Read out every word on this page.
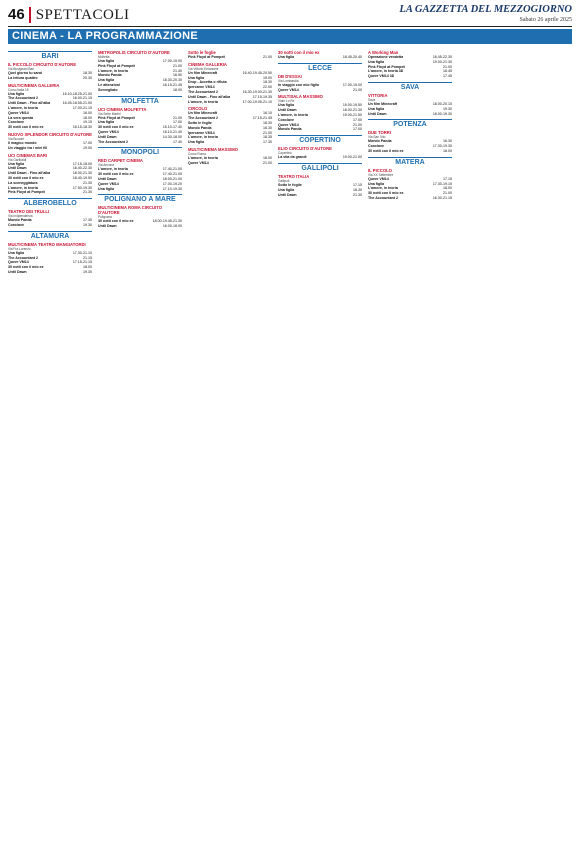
46 SPETTACOLI	LA GAZZETTA DEL MEZZOGIORNO
Sabato 26 aprile 2025
CINEMA - LA PROGRAMMAZIONE
BARI
IL PICCOLO CIRCUITO D'AUTORE
Via Busignani Bari
Quel giorno tu sarai	18.30
La lettura quattro	20.30
MULTICINEMA GALLERIA
Corso Italia 15
Una figlia	16.10-18.25-21.00
The Accountant 2	16.00-21.15
Until Dawn - Fino all'alba	16.45-18.55-21.00
L'amore, in teoria	17.00-21.15
Queer VM14	16.00
La vera questa	18.00
Conclave	19.15
30 notti con il mio ex	16.15-18.30
NUOVO SPLENDOR CIRCUITO D'AUTORE
Via Buccari
Il magico mondo	17.00
Un viaggio tra i miei fili	19.00
UCI CINEMAS BARI
Via Garibaldi
Una figlia	17.15-18.00
Until Dawn	16.40-22.30
Until Dawn - Fino all'alba	18.00-21.30
30 notti con il mio ex	18.40-19.50
La sceneggiatura	21.30
L'amore, in teoria	17.50-19.30
Pink Floyd at Pompeii	21.30
ALBEROBELLO
TEATRO DEI TRULLI
Via Indipendenza
Mondo Panda	17.30
Conclave	19.30
ALTAMURA
MULTICINEMA TEATRO MANGIATORDI
Via Fra Lorenzo
Una figlia	17.30-21.10
The Accountant 2	21.15
Queer VM14	17.15-21.15
30 notti con il mio ex	18.00
Until Dawn	19.30
METROPOLIS CIRCUITO D'AUTORE
Molfetta
Una figlia	17.00-19.00
Pink Floyd at Pompeii	21.00
L'amore, in teoria	21.40
Mondo Panda	16.50
Una figlia	18.30-20.30
Le attenzioni	16.15-21.45
Sorvegliato	18.00
MOLFETTA
UCI CINEMA MOLFETTA
Via Sette Martiri
Pink Floyd at Pompeii	21.00
Una figlia	17.00
30 notti con il mio ex	15.10-17.40
Queer VM14	16.10-21.40
Until Dawn	14.30-18.00
The Accountant 2	17.40
MONOPOLI
RED CARPET CINEMA
Via Ancona
L'amore, in teoria	17.40-21.00
30 notti con il mio ex	17.40-21.00
Until Dawn	18.00-21.00
Queer VM14	17.00-19.20
Una figlia	17.10-19.30
POLIGNANO A MARE
MULTICINEMA ROMA CIRCUITO D'AUTORE
Polignano
30 notti con il mio ex	18.00-19.45-21.30
Until Dawn	16.00-18.00
Sotto le foglie
Pink Floyd at Pompeii	21.00
CINEMA GALLERIA
Via Vittorio Emanuele
Un film Minecraft	16.40-19.45-20.50
Una figlia	19.00
Drop - Accetta o rifiuta	18.30
Ipercarne VM14	22.00
The Accountant 2	16.30-19.00-21.30
Until Dawn - Fino all'alba	17.15-19.35
L'amore, in teoria	17.00-19.05-21.10
CIRCOLO
Un film Minecraft	16.10
The Accountant 2	17.15-21.45
Sotto le foglie	18.30
Mondo Panda	16.30
Ipercarne VM14	21.00
L'amore, in teoria	18.35
Una figlia	17.30
MULTICINEMA MASSIMO
Corso Roma
L'amore, in teoria	18.00
Queer VM14	21.00
30 notti con il mio ex
Una figlia	18.45-20.40
LECCE
DB D'ESSAI
Via Lombardia
In viaggio con mio figlio	17.00-19.00
Queer VM14	21.00
MULTISALA MASSIMO
Viale Lo Re
Una figlia	19.00-19.50
Until Dawn	18.00-21.30
L'amore, in teoria	19.00-21.50
Conclave	17.00
Queer VM14	21.00
Mondo Panda	17.00
COPERTINO
ELIO CIRCUITO D'AUTORE
Copertino
La vita da grandi	19.00-21.00
GALLIPOLI
TEATRO ITALIA
Gallipoli
Sotto le foglie	17.15
Una figlia	18.30
Until Dawn	21.30
A Working Man
Operazione vendetta	16.45-22.30
Una figlia	19.00-21.30
Pink Floyd at Pompeii	21.00
L'amore, in teoria 3D	16.45
Queer VM14 3D	17.45
SAVA
VITTORIA
Sava
Un film Minecraft	18.00-20.15
Una figlia	19.30
Until Dawn	18.00-19.30
POTENZA
DUE TORRI
Via San Vito
Mondo Panda	16.30
Conclave	17.30-19.30
30 notti con il mio ex	18.00
MATERA
IL PICCOLO
Via XX Settembre
Queer VM14	17.15
Una figlia	17.30-19.15
L'amore, in teoria	18.00
30 notti con il mio ex	21.00
The Accountant 2	16.30-21.15
